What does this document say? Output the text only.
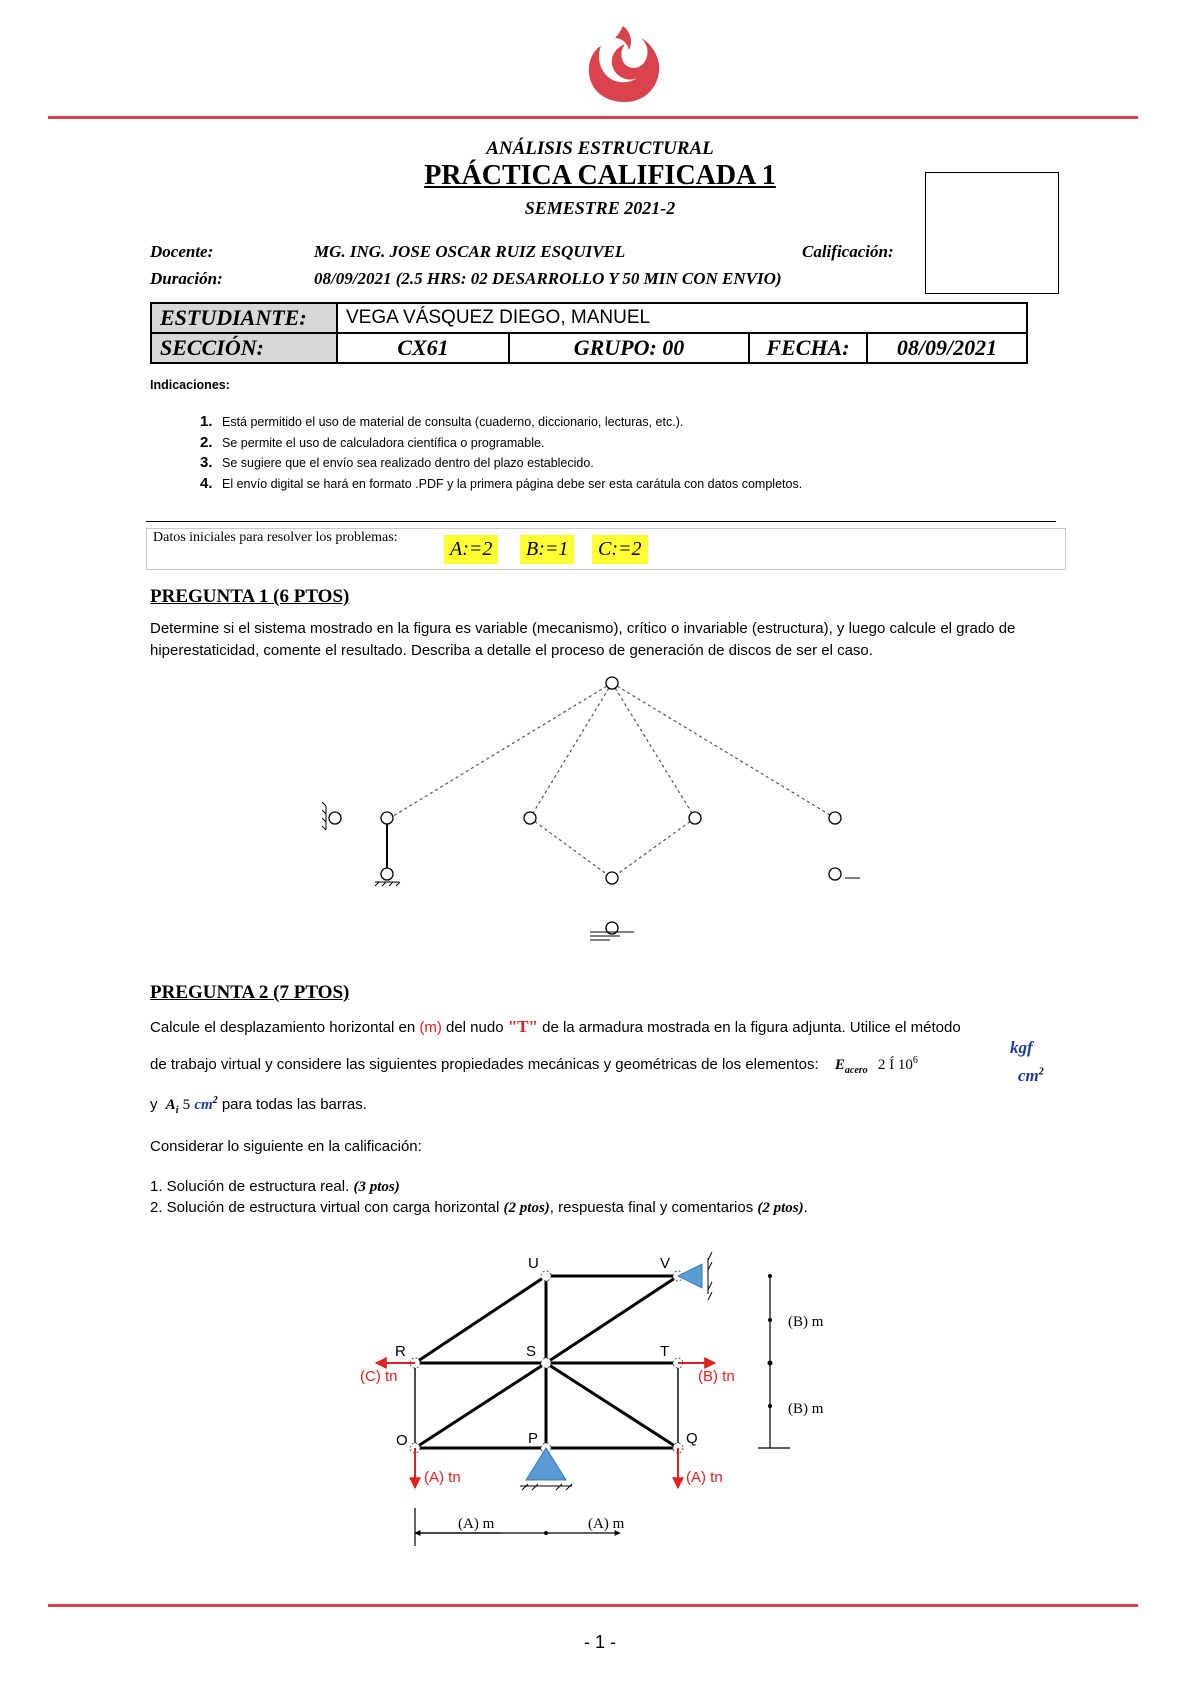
ANÁLISIS ESTRUCTURAL
PRÁCTICA CALIFICADA 1
SEMESTRE 2021-2
Docente:	MG. ING. JOSE OSCAR RUIZ ESQUIVEL	Calificación:
Duración:	08/09/2021 (2.5 HRS: 02 DESARROLLO Y 50 MIN CON ENVIO)
ESTUDIANTE:	VEGA VÁSQUEZ DIEGO, MANUEL			
SECCIÓN:	CX61	GRUPO: 00	FECHA:	08/09/2021
Indicaciones:
1. Está permitido el uso de material de consulta (cuaderno, diccionario, lecturas, etc.).
2. Se permite el uso de calculadora científica o programable.
3. Se sugiere que el envío sea realizado dentro del plazo establecido.
4. El envío digital se hará en formato .PDF y la primera página debe ser esta carátula con datos completos.
Datos iniciales para resolver los problemas:
A:=2	B:=1	C:=2
PREGUNTA 1 (6 PTOS)
Determine si el sistema mostrado en la figura es variable (mecanismo), crítico o invariable (estructura), y luego calcule el grado de hiperestaticidad, comente el resultado. Describa a detalle el proceso de generación de discos de ser el caso.
PREGUNTA 2 (7 PTOS)
Calcule el desplazamiento horizontal en (m) del nudo "T" de la armadura mostrada en la figura adjunta. Utilice el método
de trabajo virtual y considere las siguientes propiedades mecánicas y geométricas de los elementos: $E_{acero}$ 2 Í $10^6$
kgf
$cm^2$
y $A_i$ 5 $cm^2$ para todas las barras.
Considerar lo siguiente en la calificación:
1. Solución de estructura real. (3 ptos)
2. Solución de estructura virtual con carga horizontal (2 ptos), respuesta final y comentarios (2 ptos).
U	V
R	S	T
O	P	Q
(C) tn	(B) tn
(A) tn	(A) tn
(B) m
(B) m
(A) m	(A) m
- 1 -
